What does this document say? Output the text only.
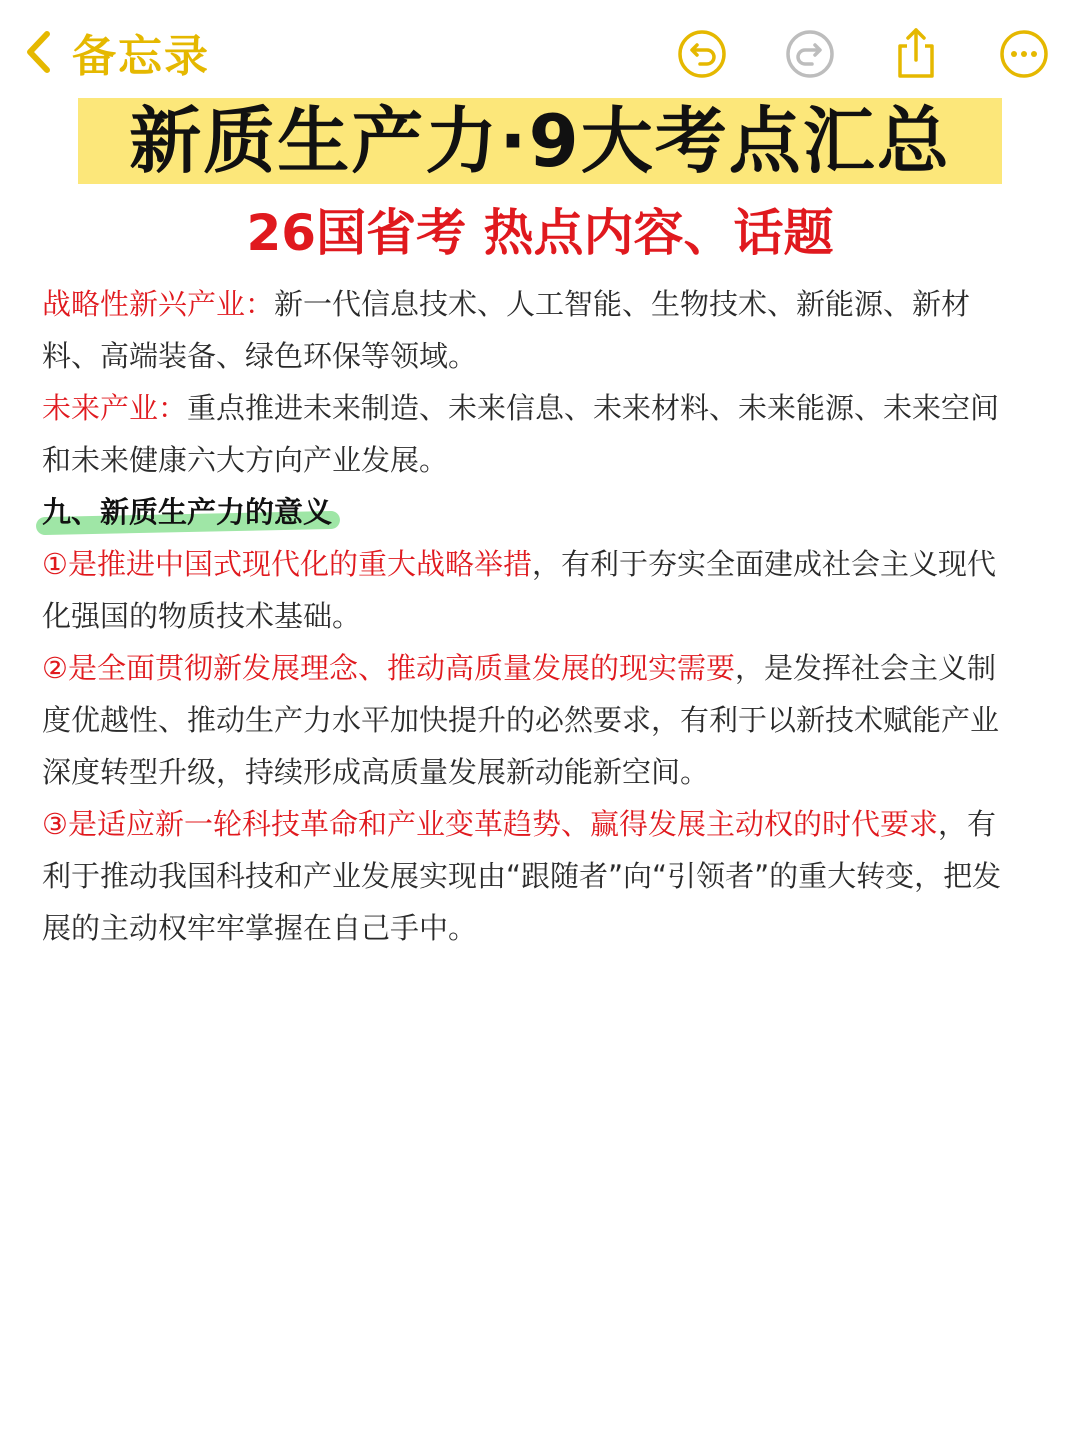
备忘录
新质生产力·9大考点汇总
26国省考 热点内容、话题

战略性新兴产业：新一代信息技术、人工智能、生物技术、新能源、新材料、高端装备、绿色环保等领域。

未来产业：重点推进未来制造、未来信息、未来材料、未来能源、未来空间和未来健康六大方向产业发展。

九、新质生产力的意义

①是推进中国式现代化的重大战略举措，有利于夯实全面建成社会主义现代化强国的物质技术基础。

②是全面贯彻新发展理念、推动高质量发展的现实需要，是发挥社会主义制度优越性、推动生产力水平加快提升的必然要求，有利于以新技术赋能产业深度转型升级，持续形成高质量发展新动能新空间。

③是适应新一轮科技革命和产业变革趋势、赢得发展主动权的时代要求，有利于推动我国科技和产业发展实现由“跟随者”向“引领者”的重大转变，把发展的主动权牢牢掌握在自己手中。
